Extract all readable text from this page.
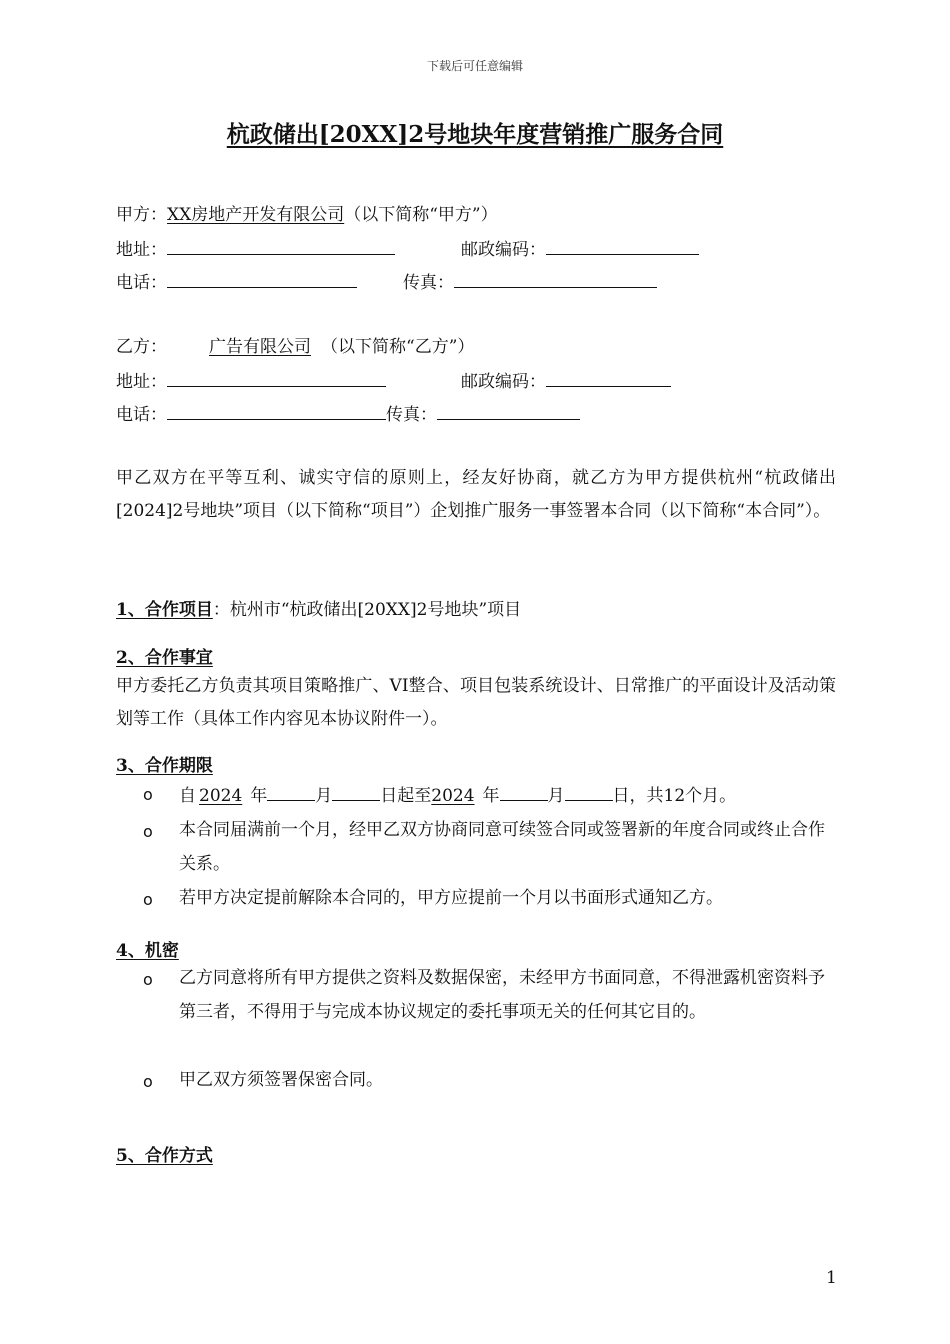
下载后可任意编辑
杭政储出[20XX]2号地块年度营销推广服务合同
甲方：XX房地产开发有限公司（以下简称“甲方”）
地址：	邮政编码：
电话：	传真：
乙方： 广告有限公司 （以下简称“乙方”）
地址：	邮政编码：
电话：	传真：
甲乙双方在平等互利、诚实守信的原则上，经友好协商，就乙方为甲方提供杭州“杭政储出[2024]2号地块”项目（以下简称“项目”）企划推广服务一事签署本合同（以下简称“本合同”）。
1、合作项目：杭州市“杭政储出[20XX]2号地块”项目
2、合作事宜
甲方委托乙方负责其项目策略推广、VI整合、项目包装系统设计、日常推广的平面设计及活动策划等工作（具体工作内容见本协议附件一）。
3、合作期限
o 自 2024 年	月	日起至2024 年	月	日，共12个月。
o 本合同届满前一个月，经甲乙双方协商同意可续签合同或签署新的年度合同或终止合作关系。
o 若甲方决定提前解除本合同的，甲方应提前一个月以书面形式通知乙方。
4、机密
o 乙方同意将所有甲方提供之资料及数据保密，未经甲方书面同意，不得泄露机密资料予第三者，不得用于与完成本协议规定的委托事项无关的任何其它目的。
o 甲乙双方须签署保密合同。
5、合作方式
1
